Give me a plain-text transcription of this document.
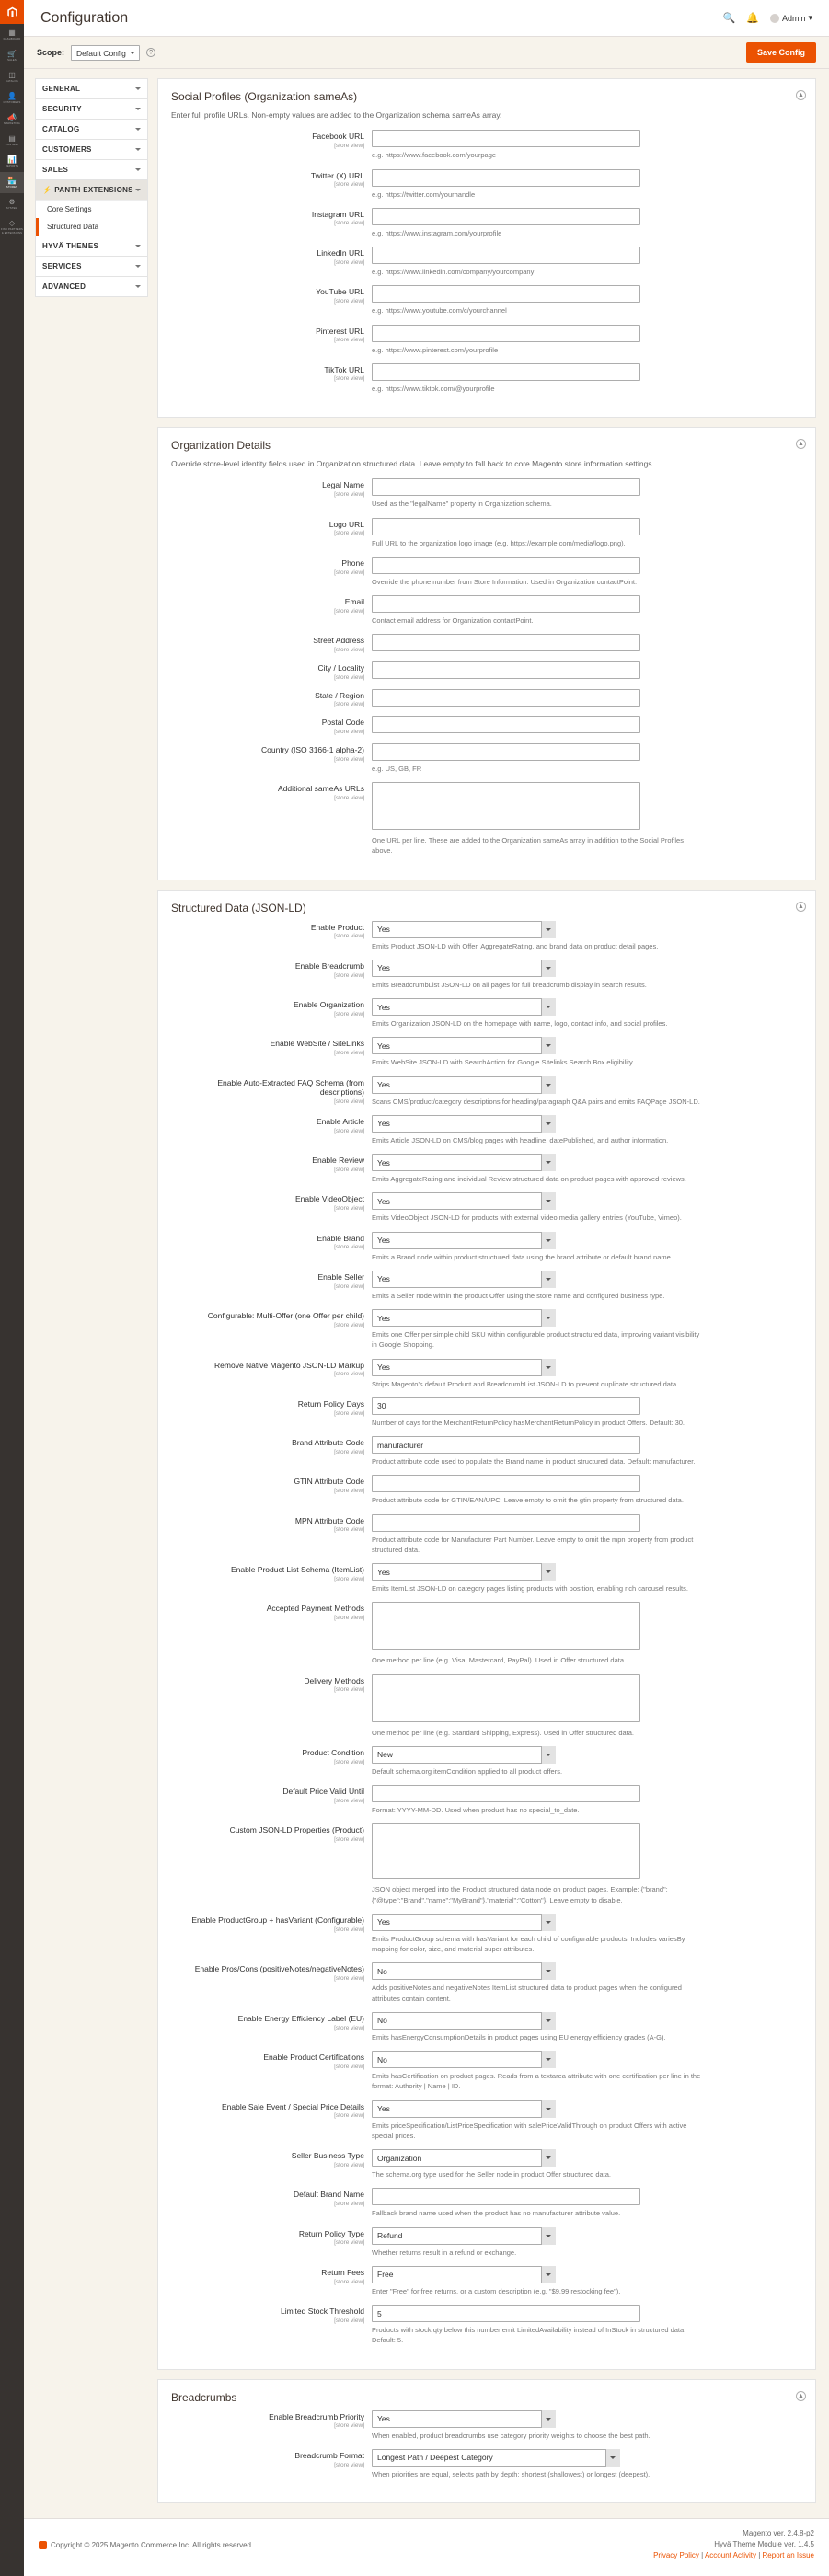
▦
DASHBOARD
🛒
SALES
◫
CATALOG
👤
CUSTOMERS
📣
MARKETING
▤
CONTENT
📊
REPORTS
🏪
STORES
⚙
SYSTEM
◇
FIND PARTNERS & EXTENSIONS
Configuration	🔍 🔔	Admin ▾
Scope:
Default Config	?	Save Config
GENERAL
SECURITY
CATALOG
CUSTOMERS
SALES
⚡ PANTH EXTENSIONS
Core Settings
Structured Data
HYVÄ THEMES
SERVICES
ADVANCED
▲
Social Profiles (Organization sameAs)

Enter full profile URLs. Non-empty values are added to the Organization schema sameAs array.

Facebook URL
[store view]
e.g. https://www.facebook.com/yourpage
Twitter (X) URL
[store view]
e.g. https://twitter.com/yourhandle
Instagram URL
[store view]
e.g. https://www.instagram.com/yourprofile
LinkedIn URL
[store view]
e.g. https://www.linkedin.com/company/yourcompany
YouTube URL
[store view]
e.g. https://www.youtube.com/c/yourchannel
Pinterest URL
[store view]
e.g. https://www.pinterest.com/yourprofile
TikTok URL
[store view]
e.g. https://www.tiktok.com/@yourprofile
▲
Organization Details

Override store-level identity fields used in Organization structured data. Leave empty to fall back to core Magento store information settings.

Legal Name
[store view]
Used as the "legalName" property in Organization schema.
Logo URL
[store view]
Full URL to the organization logo image (e.g. https://example.com/media/logo.png).
Phone
[store view]
Override the phone number from Store Information. Used in Organization contactPoint.
Email
[store view]
Contact email address for Organization contactPoint.
Street Address
[store view]
City / Locality
[store view]
State / Region
[store view]
Postal Code
[store view]
Country (ISO 3166-1 alpha-2)
[store view]
e.g. US, GB, FR
Additional sameAs URLs
[store view]
One URL per line. These are added to the Organization sameAs array in addition to the Social Profiles above.
▲
Structured Data (JSON-LD)
Enable Product
[store view]
Yes
Emits Product JSON-LD with Offer, AggregateRating, and brand data on product detail pages.
Enable Breadcrumb
[store view]
Yes
Emits BreadcrumbList JSON-LD on all pages for full breadcrumb display in search results.
Enable Organization
[store view]
Yes
Emits Organization JSON-LD on the homepage with name, logo, contact info, and social profiles.
Enable WebSite / SiteLinks
[store view]
Yes
Emits WebSite JSON-LD with SearchAction for Google Sitelinks Search Box eligibility.
Enable Auto-Extracted FAQ Schema (from descriptions)
[store view]
Yes Scans CMS/product/category descriptions for heading/paragraph Q&A pairs and emits FAQPage JSON-LD.
Enable Article
[store view]
Yes
Emits Article JSON-LD on CMS/blog pages with headline, datePublished, and author information.
Enable Review
[store view]
Yes
Emits AggregateRating and individual Review structured data on product pages with approved reviews.
Enable VideoObject
[store view]
Yes
Emits VideoObject JSON-LD for products with external video media gallery entries (YouTube, Vimeo).
Enable Brand
[store view]
Yes
Emits a Brand node within product structured data using the brand attribute or default brand name.
Enable Seller
[store view]
Yes
Emits a Seller node within the product Offer using the store name and configured business type.
Configurable: Multi-Offer (one Offer per child)
[store view]
Yes
Emits one Offer per simple child SKU within configurable product structured data, improving variant visibility in Google Shopping.
Remove Native Magento JSON-LD Markup
[store view]
Yes
Strips Magento's default Product and BreadcrumbList JSON-LD to prevent duplicate structured data.
Return Policy Days
[store view]
30
Number of days for the MerchantReturnPolicy hasMerchantReturnPolicy in product Offers. Default: 30.
Brand Attribute Code
[store view]
manufacturer
Product attribute code used to populate the Brand name in product structured data. Default: manufacturer.
GTIN Attribute Code
[store view]
Product attribute code for GTIN/EAN/UPC. Leave empty to omit the gtin property from structured data.
MPN Attribute Code
[store view]
Product attribute code for Manufacturer Part Number. Leave empty to omit the mpn property from product structured data.
Enable Product List Schema (ItemList)
[store view]
Yes
Emits ItemList JSON-LD on category pages listing products with position, enabling rich carousel results.
Accepted Payment Methods
[store view]
One method per line (e.g. Visa, Mastercard, PayPal). Used in Offer structured data.
Delivery Methods
[store view]
One method per line (e.g. Standard Shipping, Express). Used in Offer structured data.
Product Condition
[store view]
New
Default schema.org itemCondition applied to all product offers.
Default Price Valid Until
[store view]
Format: YYYY-MM-DD. Used when product has no special_to_date.
Custom JSON-LD Properties (Product)
[store view]
JSON object merged into the Product structured data node on product pages. Example: {"brand":{"@type":"Brand","name":"MyBrand"},"material":"Cotton"}. Leave empty to disable.
Enable ProductGroup + hasVariant (Configurable)
[store view]
Yes
Emits ProductGroup schema with hasVariant for each child of configurable products. Includes variesBy mapping for color, size, and material super attributes.
Enable Pros/Cons (positiveNotes/negativeNotes)
[store view]
No
Adds positiveNotes and negativeNotes ItemList structured data to product pages when the configured attributes contain content.
Enable Energy Efficiency Label (EU)
[store view]
No
Emits hasEnergyConsumptionDetails in product pages using EU energy efficiency grades (A-G).
Enable Product Certifications
[store view]
No
Emits hasCertification on product pages. Reads from a textarea attribute with one certification per line in the format: Authority | Name | ID.
Enable Sale Event / Special Price Details
[store view]
Yes
Emits priceSpecification/ListPriceSpecification with salePriceValidThrough on product Offers with active special prices.
Seller Business Type
[store view]
Organization
The schema.org type used for the Seller node in product Offer structured data.
Default Brand Name
[store view]
Fallback brand name used when the product has no manufacturer attribute value.
Return Policy Type
[store view]
Refund
Whether returns result in a refund or exchange.
Return Fees
[store view]
Free
Enter "Free" for free returns, or a custom description (e.g. "$9.99 restocking fee").
Limited Stock Threshold
[store view]
5
Products with stock qty below this number emit LimitedAvailability instead of InStock in structured data. Default: 5.
▲
Breadcrumbs
Enable Breadcrumb Priority
[store view]
Yes
When enabled, product breadcrumbs use category priority weights to choose the best path.
Breadcrumb Format
[store view]
Longest Path / Deepest Category
When priorities are equal, selects path by depth: shortest (shallowest) or longest (deepest).
Copyright © 2025 Magento Commerce Inc. All rights reserved.
Magento ver. 2.4.8-p2
Hyvä Theme Module ver. 1.4.5
Privacy Policy | Account Activity | Report an Issue
